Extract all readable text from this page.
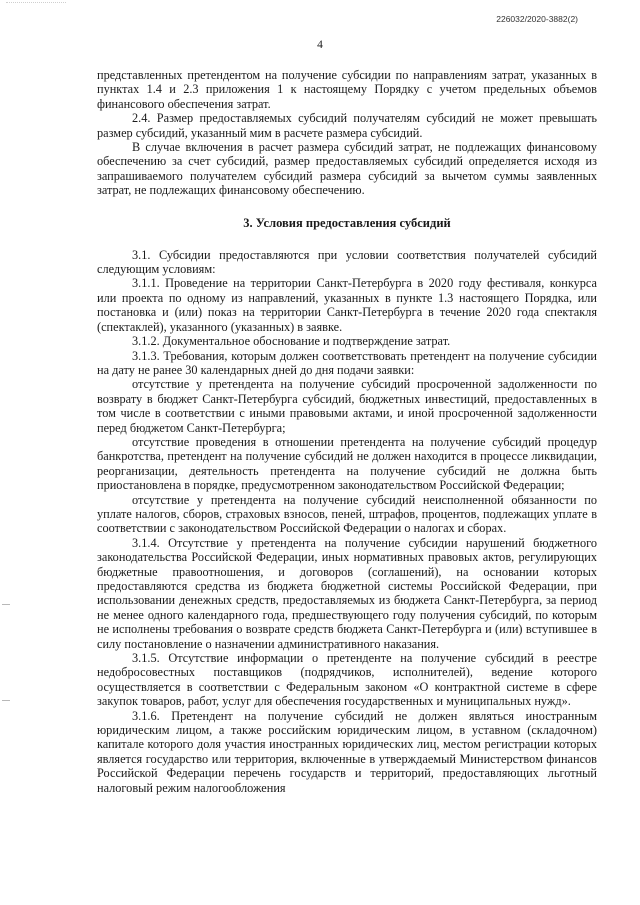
226032/2020-3882(2)
4

представленных претендентом на получение субсидии по направлениям затрат, указанных в пунктах 1.4 и 2.3 приложения 1 к настоящему Порядку с учетом предельных объемов финансового обеспечения затрат.

2.4. Размер предоставляемых субсидий получателям субсидий не может превышать размер субсидий, указанный мим в расчете размера субсидий.

В случае включения в расчет размера субсидий затрат, не подлежащих финансовому обеспечению за счет субсидий, размер предоставляемых субсидий определяется исходя из запрашиваемого получателем субсидий размера субсидий за вычетом суммы заявленных затрат, не подлежащих финансовому обеспечению.

3. Условия предоставления субсидий

3.1. Субсидии предоставляются при условии соответствия получателей субсидий следующим условиям:

3.1.1. Проведение на территории Санкт-Петербурга в 2020 году фестиваля, конкурса или проекта по одному из направлений, указанных в пункте 1.3 настоящего Порядка, или постановка и (или) показ на территории Санкт-Петербурга в течение 2020 года спектакля (спектаклей), указанного (указанных) в заявке.

3.1.2. Документальное обоснование и подтверждение затрат.

3.1.3. Требования, которым должен соответствовать претендент на получение субсидии на дату не ранее 30 календарных дней до дня подачи заявки:

отсутствие у претендента на получение субсидий просроченной задолженности по возврату в бюджет Санкт-Петербурга субсидий, бюджетных инвестиций, предоставленных в том числе в соответствии с иными правовыми актами, и иной просроченной задолженности перед бюджетом Санкт-Петербурга;

отсутствие проведения в отношении претендента на получение субсидий процедур банкротства, претендент на получение субсидий не должен находится в процессе ликвидации, реорганизации, деятельность претендента на получение субсидий не должна быть приостановлена в порядке, предусмотренном законодательством Российской Федерации;

отсутствие у претендента на получение субсидий неисполненной обязанности по уплате налогов, сборов, страховых взносов, пеней, штрафов, процентов, подлежащих уплате в соответствии с законодательством Российской Федерации о налогах и сборах.

3.1.4. Отсутствие у претендента на получение субсидии нарушений бюджетного законодательства Российской Федерации, иных нормативных правовых актов, регулирующих бюджетные правоотношения, и договоров (соглашений), на основании которых предоставляются средства из бюджета бюджетной системы Российской Федерации, при использовании денежных средств, предоставляемых из бюджета Санкт-Петербурга, за период не менее одного календарного года, предшествующего году получения субсидий, по которым не исполнены требования о возврате средств бюджета Санкт-Петербурга и (или) вступившее в силу постановление о назначении административного наказания.

3.1.5. Отсутствие информации о претенденте на получение субсидий в реестре недобросовестных поставщиков (подрядчиков, исполнителей), ведение которого осуществляется в соответствии с Федеральным законом «О контрактной системе в сфере закупок товаров, работ, услуг для обеспечения государственных и муниципальных нужд».

3.1.6. Претендент на получение субсидий не должен являться иностранным юридическим лицом, а также российским юридическим лицом, в уставном (складочном) капитале которого доля участия иностранных юридических лиц, местом регистрации которых является государство или территория, включенные в утверждаемый Министерством финансов Российской Федерации перечень государств и территорий, предоставляющих льготный налоговый режим налогообложения
